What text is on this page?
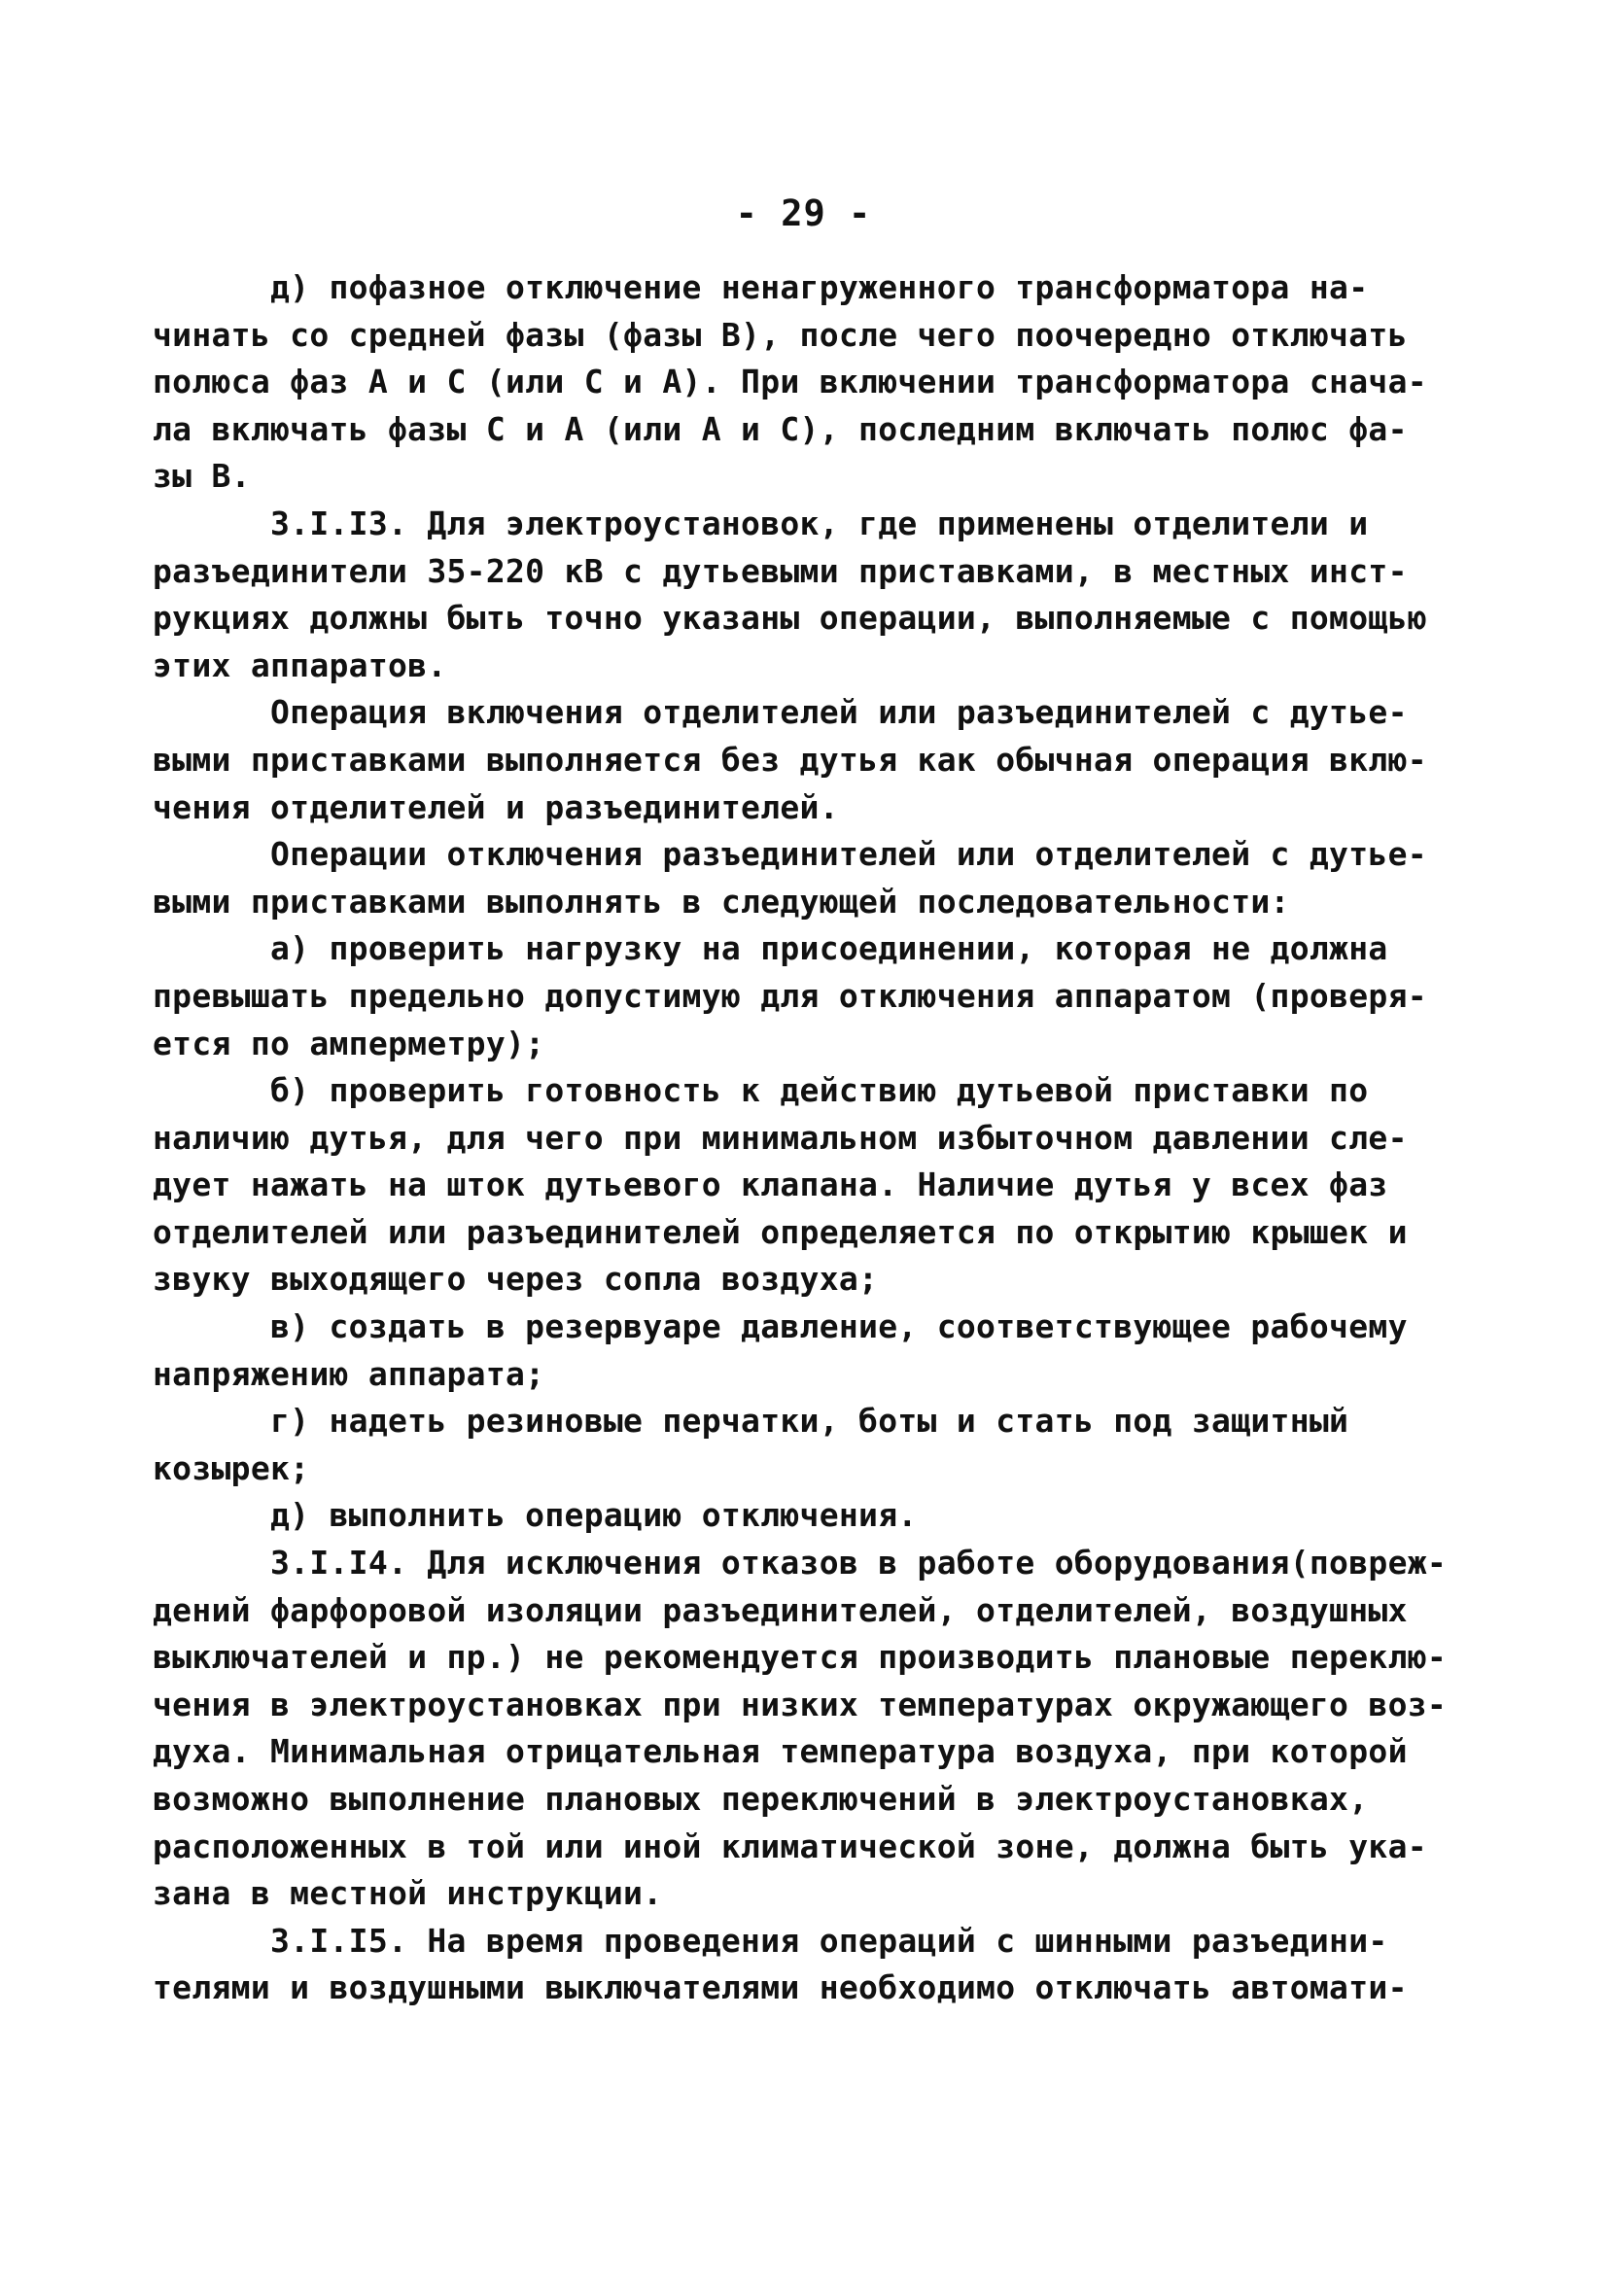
- 29 -
д) пофазное отключение ненагруженного трансформатора на-
чинать со средней фазы (фазы В), после чего поочередно отключать
полюса фаз А и С (или С и А). При включении трансформатора снача-
ла включать фазы С и А (или А и С), последним включать полюс фа-
зы В.
3.I.I3. Для электроустановок, где применены отделители и
разъединители 35-220 кВ с дутьевыми приставками, в местных инст-
рукциях должны быть точно указаны операции, выполняемые с помощью
этих аппаратов.
Операция включения отделителей или разъединителей с дутье-
выми приставками выполняется без дутья как обычная операция вклю-
чения отделителей и разъединителей.
Операции отключения разъединителей или отделителей с дутье-
выми приставками выполнять в следующей последовательности:
а) проверить нагрузку на присоединении, которая не должна
превышать предельно допустимую для отключения аппаратом (проверя-
ется по амперметру);
б) проверить готовность к действию дутьевой приставки по
наличию дутья, для чего при минимальном избыточном давлении сле-
дует нажать на шток дутьевого клапана. Наличие дутья у всех фаз
отделителей или разъединителей определяется по открытию крышек и
звуку выходящего через сопла воздуха;
в) создать в резервуаре давление, соответствующее рабочему
напряжению аппарата;
г) надеть резиновые перчатки, боты и стать под защитный
козырек;
д) выполнить операцию отключения.
3.I.I4. Для исключения отказов в работе оборудования(повреж-
дений фарфоровой изоляции разъединителей, отделителей, воздушных
выключателей и пр.) не рекомендуется производить плановые переклю-
чения в электроустановках при низких температурах окружающего воз-
духа. Минимальная отрицательная температура воздуха, при которой
возможно выполнение плановых переключений в электроустановках,
расположенных в той или иной климатической зоне, должна быть ука-
зана в местной инструкции.
3.I.I5. На время проведения операций с шинными разъедини-
телями и воздушными выключателями необходимо отключать автомати-
